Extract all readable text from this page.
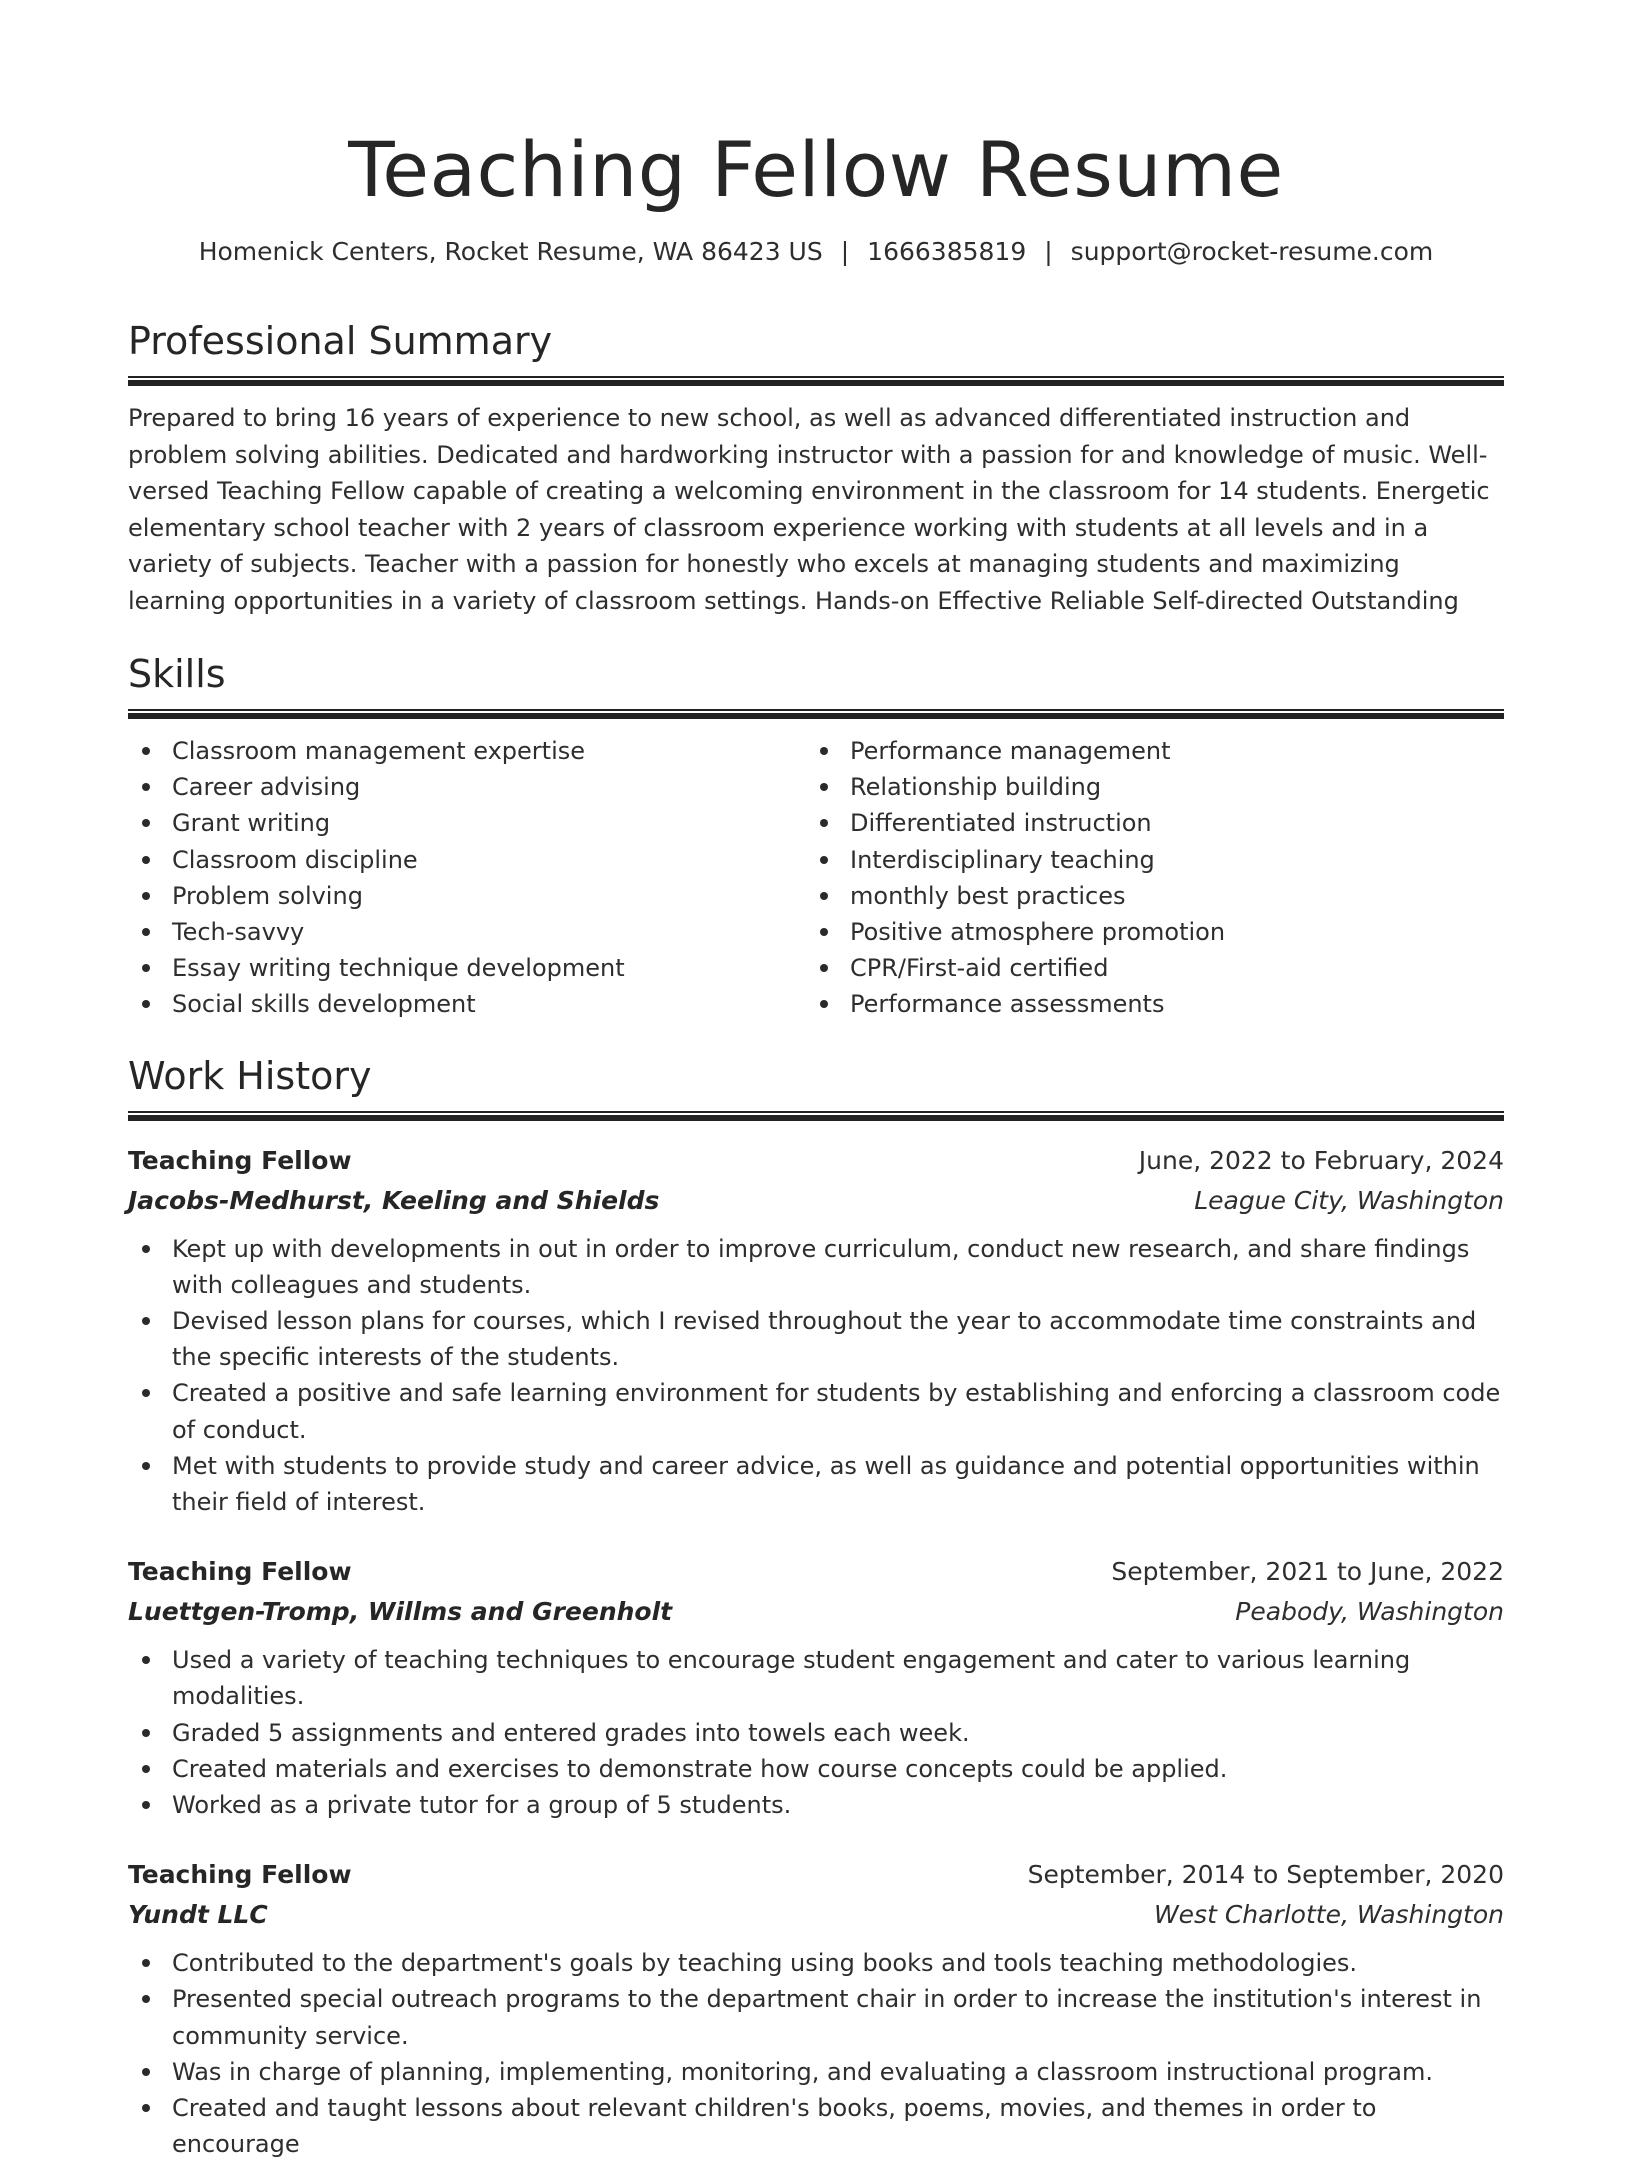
Teaching Fellow Resume
Homenick Centers, Rocket Resume, WA 86423 US | 1666385819 | support@rocket-resume.com
Professional Summary

Prepared to bring 16 years of experience to new school, as well as advanced differentiated instruction and problem solving abilities. Dedicated and hardworking instructor with a passion for and knowledge of music. Well-versed Teaching Fellow capable of creating a welcoming environment in the classroom for 14 students. Energetic elementary school teacher with 2 years of classroom experience working with students at all levels and in a variety of subjects. Teacher with a passion for honestly who excels at managing students and maximizing learning opportunities in a variety of classroom settings. Hands-on Effective Reliable Self-directed Outstanding

Skills
Classroom management expertise
Career advising
Grant writing
Classroom discipline
Problem solving
Tech-savvy
Essay writing technique development
Social skills development
Performance management
Relationship building
Differentiated instruction
Interdisciplinary teaching
monthly best practices
Positive atmosphere promotion
CPR/First-aid certified
Performance assessments
Work History
Teaching Fellow	June, 2022 to February, 2024
Jacobs-Medhurst, Keeling and Shields	League City, Washington
Kept up with developments in out in order to improve curriculum, conduct new research, and share findings with colleagues and students.
Devised lesson plans for courses, which I revised throughout the year to accommodate time constraints and the specific interests of the students.
Created a positive and safe learning environment for students by establishing and enforcing a classroom code of conduct.
Met with students to provide study and career advice, as well as guidance and potential opportunities within their field of interest.
Teaching Fellow	September, 2021 to June, 2022
Luettgen-Tromp, Willms and Greenholt	Peabody, Washington
Used a variety of teaching techniques to encourage student engagement and cater to various learning modalities.
Graded 5 assignments and entered grades into towels each week.
Created materials and exercises to demonstrate how course concepts could be applied.
Worked as a private tutor for a group of 5 students.
Teaching Fellow	September, 2014 to September, 2020
Yundt LLC	West Charlotte, Washington
Contributed to the department's goals by teaching using books and tools teaching methodologies.
Presented special outreach programs to the department chair in order to increase the institution's interest in community service.
Was in charge of planning, implementing, monitoring, and evaluating a classroom instructional program.
Created and taught lessons about relevant children's books, poems, movies, and themes in order to encourage
